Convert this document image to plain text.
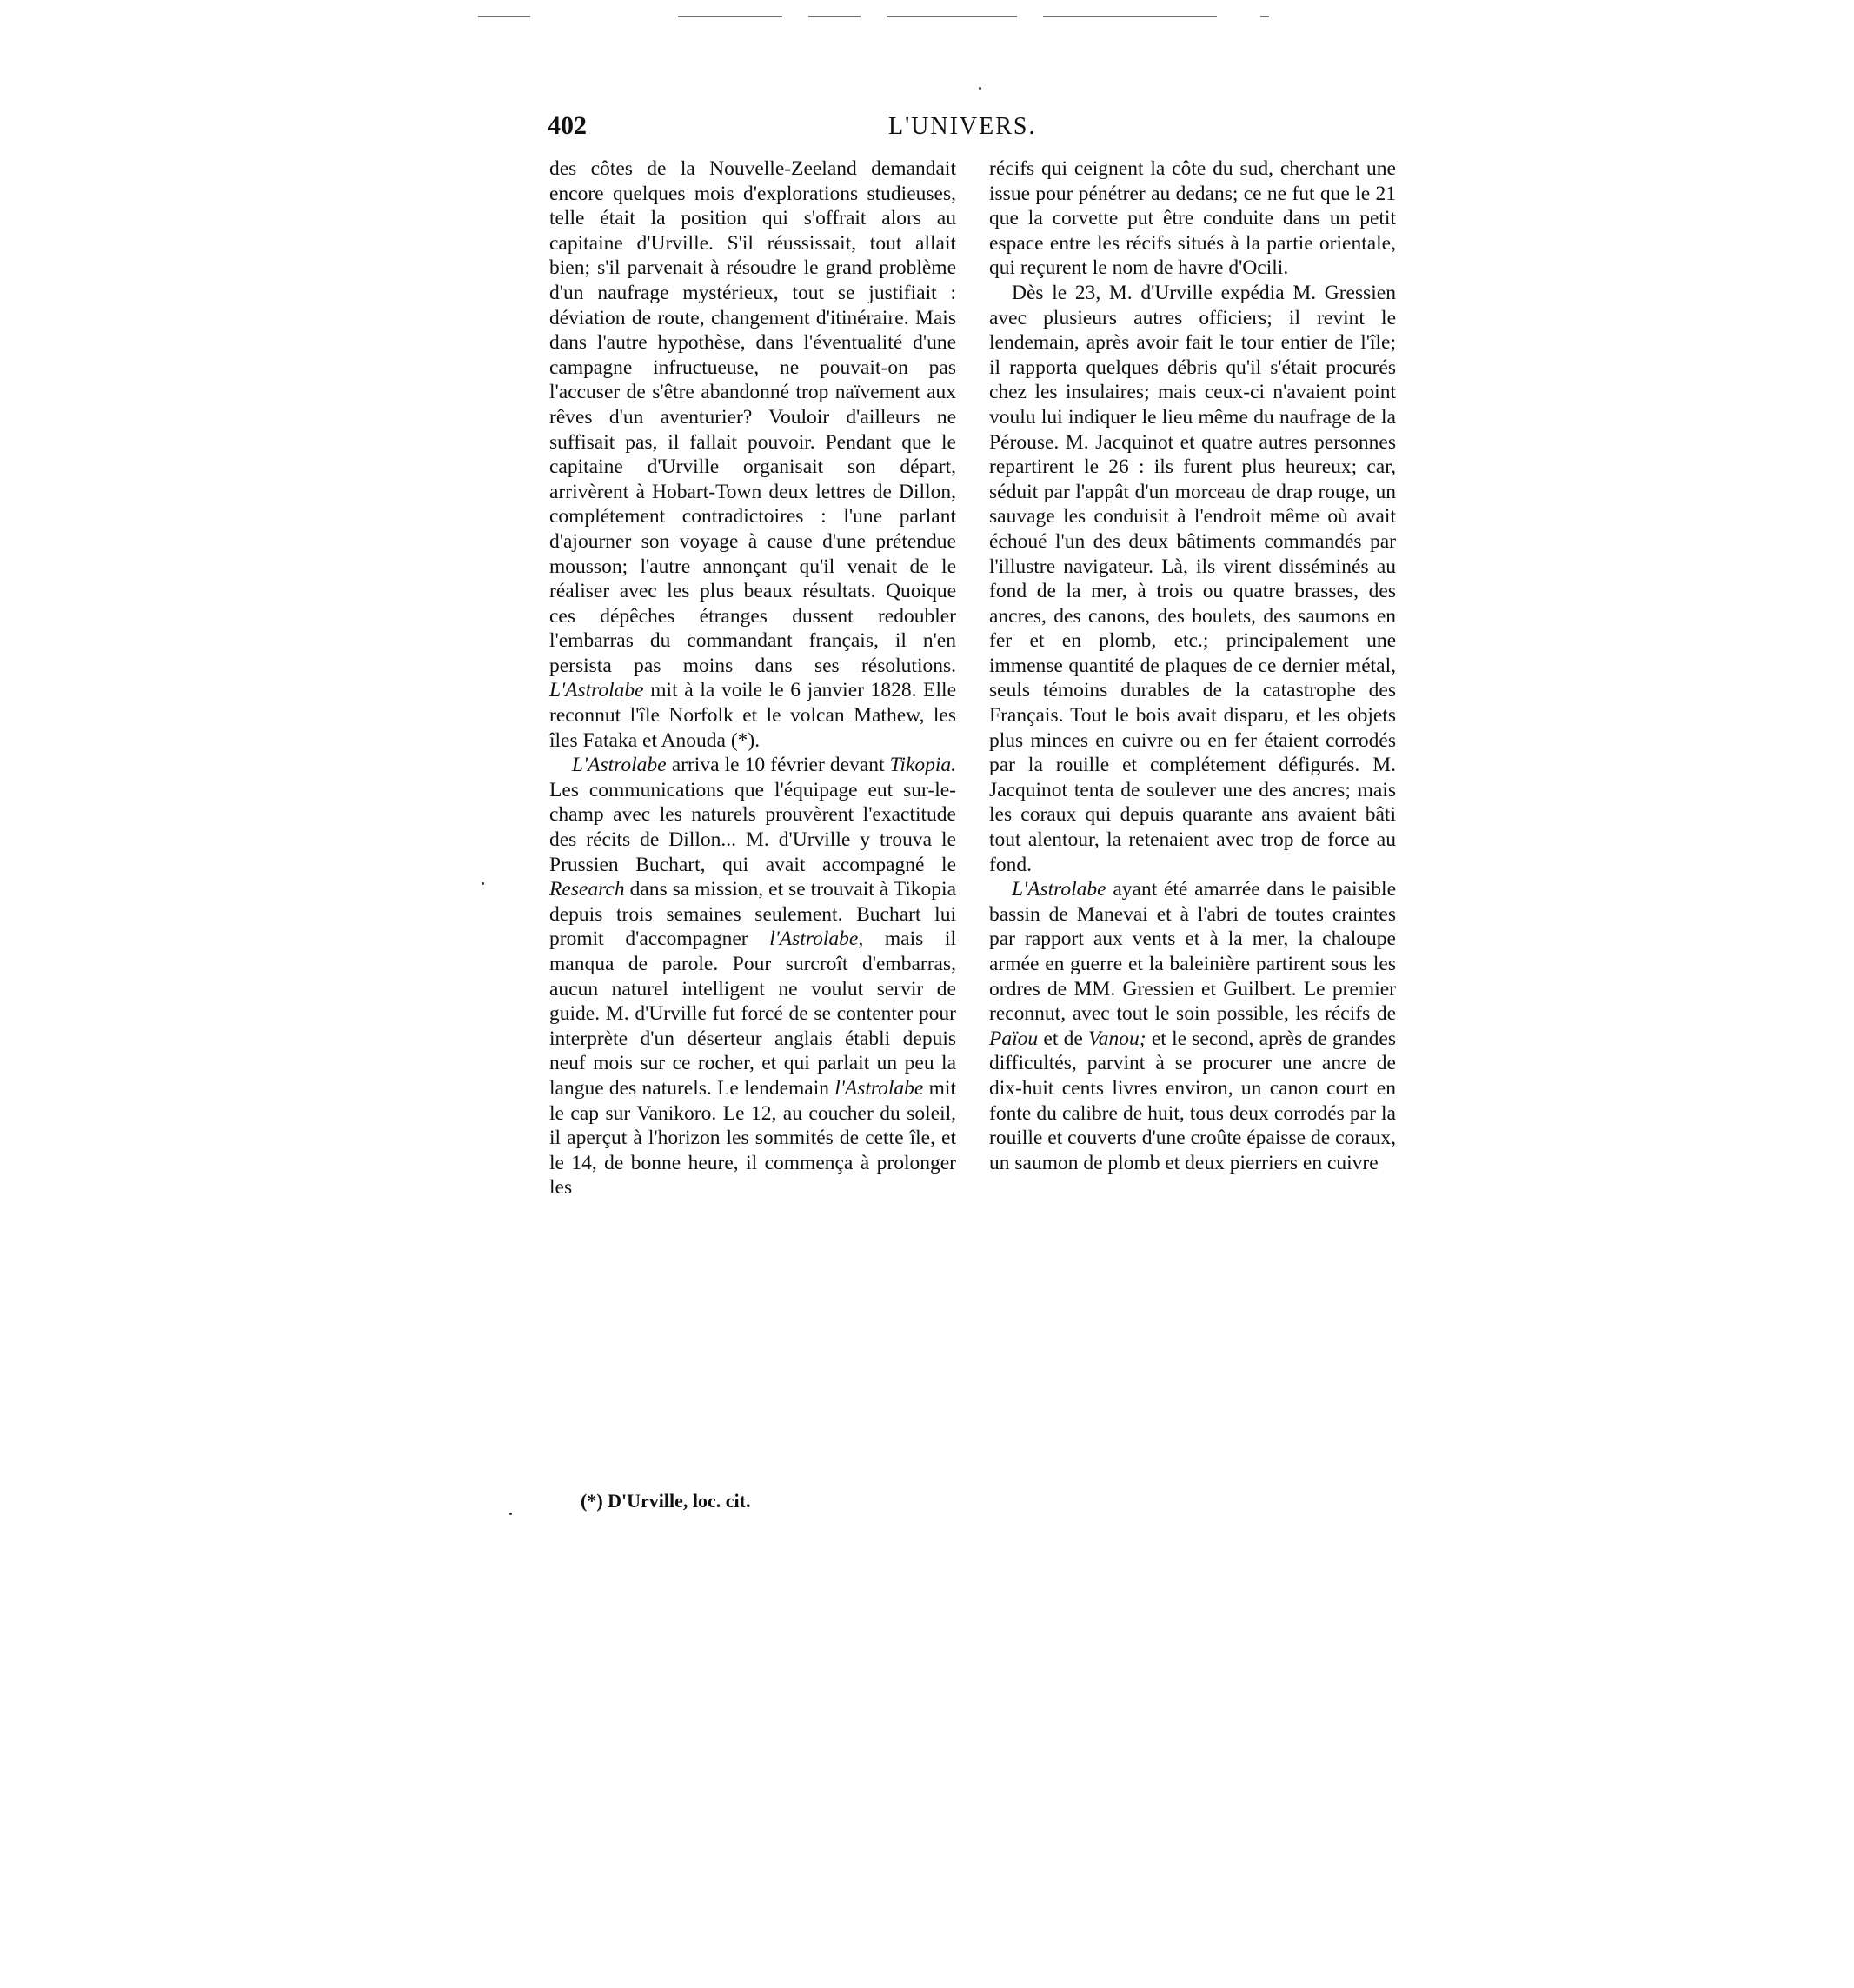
402	L'UNIVERS.

des côtes de la Nouvelle-Zeeland demandait encore quelques mois d'explorations studieuses, telle était la position qui s'offrait alors au capitaine d'Urville. S'il réussissait, tout allait bien; s'il parvenait à résoudre le grand problème d'un naufrage mystérieux, tout se justifiait : déviation de route, changement d'itinéraire. Mais dans l'autre hypothèse, dans l'éventualité d'une campagne infructueuse, ne pouvait-on pas l'accuser de s'être abandonné trop naïvement aux rêves d'un aventurier? Vouloir d'ailleurs ne suffisait pas, il fallait pouvoir. Pendant que le capitaine d'Urville organisait son départ, arrivèrent à Hobart-Town deux lettres de Dillon, complétement contradictoires : l'une parlant d'ajourner son voyage à cause d'une prétendue mousson; l'autre annonçant qu'il venait de le réaliser avec les plus beaux résultats. Quoique ces dépêches étranges dussent redoubler l'embarras du commandant français, il n'en persista pas moins dans ses résolutions. L'Astrolabe mit à la voile le 6 janvier 1828. Elle reconnut l'île Norfolk et le volcan Mathew, les îles Fataka et Anouda (*).

L'Astrolabe arriva le 10 février devant Tikopia. Les communications que l'équipage eut sur-le-champ avec les naturels prouvèrent l'exactitude des récits de Dillon... M. d'Urville y trouva le Prussien Buchart, qui avait accompagné le Research dans sa mission, et se trouvait à Tikopia depuis trois semaines seulement. Buchart lui promit d'accompagner l'Astrolabe, mais il manqua de parole. Pour surcroît d'embarras, aucun naturel intelligent ne voulut servir de guide. M. d'Urville fut forcé de se contenter pour interprète d'un déserteur anglais établi depuis neuf mois sur ce rocher, et qui parlait un peu la langue des naturels. Le lendemain l'Astrolabe mit le cap sur Vanikoro. Le 12, au coucher du soleil, il aperçut à l'horizon les sommités de cette île, et le 14, de bonne heure, il commença à prolonger les

récifs qui ceignent la côte du sud, cherchant une issue pour pénétrer au dedans; ce ne fut que le 21 que la corvette put être conduite dans un petit espace entre les récifs situés à la partie orientale, qui reçurent le nom de havre d'Ocili.

Dès le 23, M. d'Urville expédia M. Gressien avec plusieurs autres officiers; il revint le lendemain, après avoir fait le tour entier de l'île; il rapporta quelques débris qu'il s'était procurés chez les insulaires; mais ceux-ci n'avaient point voulu lui indiquer le lieu même du naufrage de la Pérouse. M. Jacquinot et quatre autres personnes repartirent le 26 : ils furent plus heureux; car, séduit par l'appât d'un morceau de drap rouge, un sauvage les conduisit à l'endroit même où avait échoué l'un des deux bâtiments commandés par l'illustre navigateur. Là, ils virent disséminés au fond de la mer, à trois ou quatre brasses, des ancres, des canons, des boulets, des saumons en fer et en plomb, etc.; principalement une immense quantité de plaques de ce dernier métal, seuls témoins durables de la catastrophe des Français. Tout le bois avait disparu, et les objets plus minces en cuivre ou en fer étaient corrodés par la rouille et complétement défigurés. M. Jacquinot tenta de soulever une des ancres; mais les coraux qui depuis quarante ans avaient bâti tout alentour, la retenaient avec trop de force au fond.

L'Astrolabe ayant été amarrée dans le paisible bassin de Manevai et à l'abri de toutes craintes par rapport aux vents et à la mer, la chaloupe armée en guerre et la baleinière partirent sous les ordres de MM. Gressien et Guilbert. Le premier reconnut, avec tout le soin possible, les récifs de Païou et de Vanou; et le second, après de grandes difficultés, parvint à se procurer une ancre de dix-huit cents livres environ, un canon court en fonte du calibre de huit, tous deux corrodés par la rouille et couverts d'une croûte épaisse de coraux, un saumon de plomb et deux pierriers en cuivre

(*) D'Urville, loc. cit.
